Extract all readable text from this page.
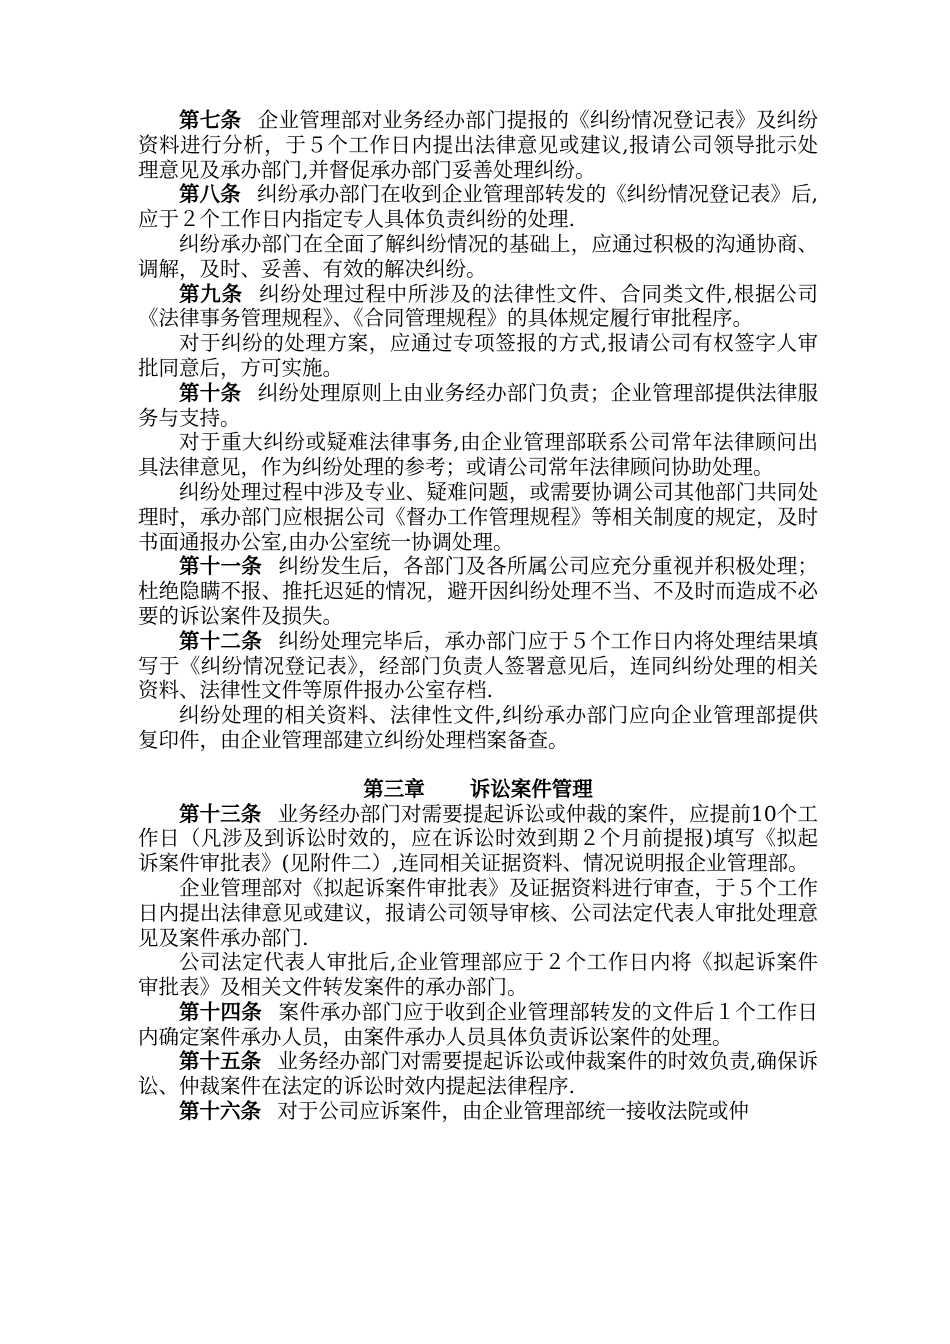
第七条 企业管理部对业务经办部门提报的《纠纷情况登记表》及纠纷资料进行分析，于５个工作日内提出法律意见或建议,报请公司领导批示处理意见及承办部门,并督促承办部门妥善处理纠纷。

第八条 纠纷承办部门在收到企业管理部转发的《纠纷情况登记表》后,应于２个工作日内指定专人具体负责纠纷的处理.

纠纷承办部门在全面了解纠纷情况的基础上，应通过积极的沟通协商、调解，及时、妥善、有效的解决纠纷。

第九条 纠纷处理过程中所涉及的法律性文件、合同类文件,根据公司《法律事务管理规程》、《合同管理规程》的具体规定履行审批程序。

对于纠纷的处理方案，应通过专项签报的方式,报请公司有权签字人审批同意后，方可实施。

第十条 纠纷处理原则上由业务经办部门负责；企业管理部提供法律服务与支持。

对于重大纠纷或疑难法律事务,由企业管理部联系公司常年法律顾问出具法律意见，作为纠纷处理的参考；或请公司常年法律顾问协助处理。

纠纷处理过程中涉及专业、疑难问题，或需要协调公司其他部门共同处理时，承办部门应根据公司《督办工作管理规程》等相关制度的规定，及时书面通报办公室,由办公室统一协调处理。

第十一条 纠纷发生后，各部门及各所属公司应充分重视并积极处理；杜绝隐瞒不报、推托迟延的情况，避开因纠纷处理不当、不及时而造成不必要的诉讼案件及损失。

第十二条 纠纷处理完毕后，承办部门应于５个工作日内将处理结果填写于《纠纷情况登记表》，经部门负责人签署意见后，连同纠纷处理的相关资料、法律性文件等原件报办公室存档.

纠纷处理的相关资料、法律性文件,纠纷承办部门应向企业管理部提供复印件，由企业管理部建立纠纷处理档案备查。

第三章 诉讼案件管理

第十三条 业务经办部门对需要提起诉讼或仲裁的案件，应提前10个工作日（凡涉及到诉讼时效的，应在诉讼时效到期２个月前提报)填写《拟起诉案件审批表》(见附件二）,连同相关证据资料、情况说明报企业管理部。

企业管理部对《拟起诉案件审批表》及证据资料进行审查，于５个工作日内提出法律意见或建议，报请公司领导审核、公司法定代表人审批处理意见及案件承办部门.

公司法定代表人审批后,企业管理部应于２个工作日内将《拟起诉案件审批表》及相关文件转发案件的承办部门。

第十四条 案件承办部门应于收到企业管理部转发的文件后１个工作日内确定案件承办人员，由案件承办人员具体负责诉讼案件的处理。

第十五条 业务经办部门对需要提起诉讼或仲裁案件的时效负责,确保诉讼、仲裁案件在法定的诉讼时效内提起法律程序.

第十六条 对于公司应诉案件，由企业管理部统一接收法院或仲
